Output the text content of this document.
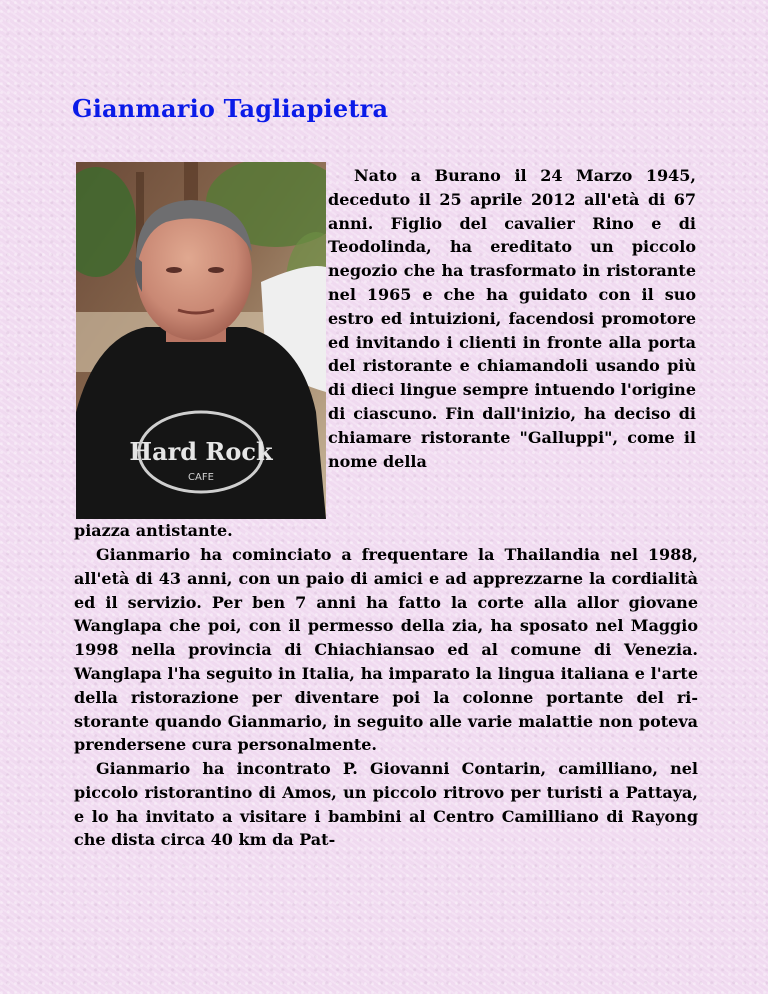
Gianmario Tagliapietra
Hard Rock
CAFE

Nato a Burano il 24 Marzo 1945, deceduto il 25 aprile 2012 all'età di 67 anni. Figlio del cavalier Rino e di Teodolinda, ha ereditato un piccolo negozio che ha trasformato in ristorante nel 1965 e che ha guidato con il suo estro ed intuizioni, facendosi promotore ed invitando i clienti in fronte alla porta del ristorante e chiamandoli usando più di dieci lingue sempre intuendo l'origine di ciascuno. Fin dall'inizio, ha deciso di chiamare ristorante "Galluppi", come il nome della

piazza antistante.

Gianmario ha cominciato a frequentare la Thailandia nel 1988, all'età di 43 anni, con un paio di amici e ad apprezzarne la cordialità ed il servizio. Per ben 7 anni ha fatto la corte alla allor giovane Wanglapa che poi, con il permesso della zia, ha sposato nel Maggio 1998 nella provincia di Chiachiansao ed al comune di Venezia. Wanglapa l'ha seguito in Italia, ha imparato la lingua italiana e l'arte della ristorazione per diventare poi la colonne portante del ristorante quando Gianmario, in seguito alle varie malattie non poteva prendersene cura personalmente.

Gianmario ha incontrato P. Giovanni Contarin, camilliano, nel piccolo ristorantino di Amos, un piccolo ritrovo per turisti a Pattaya, e lo ha invitato a visitare i bambini al Centro Camilliano di Rayong che dista circa 40 km da Pat-
